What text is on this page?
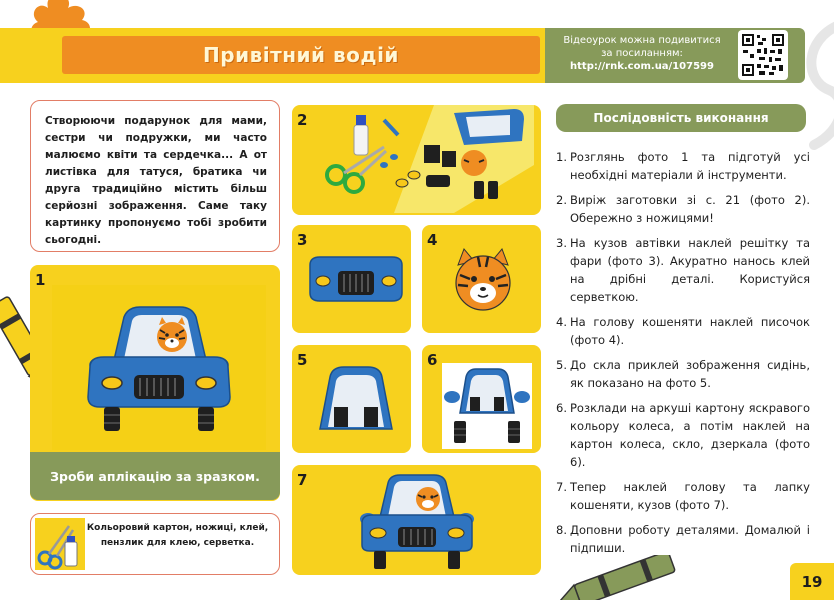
Привітний водій
Відеоурок можна подивитися
за посиланням:
http://rnk.com.ua/107599

Створюючи подарунок для мами, сестри чи подружки, ми часто малюємо квіти та сердечка... А от листівка для татуся, братика чи друга традиційно містить більш серйозні зображення. Саме таку картинку пропонуємо тобі зробити сьогодні.

1
Зроби аплікацію за зразком.
2
3	4
5	6
7
Кольоровий картон, ножиці, клей, пензлик для клею, серветка.
Послідовність виконання
1. Розглянь фото 1 та підготуй усі необхідні матеріали й інструменти.
2. Виріж заготовки зі с. 21 (фото 2). Обережно з ножицями!
3. На кузов автівки наклей решітку та фари (фото 3). Акуратно нанось клей на дрібні деталі. Користуйся серветкою.
4. На голову кошеняти наклей писочок (фото 4).
5. До скла приклей зображення сидінь, як показано на фото 5.
6. Розклади на аркуші картону яскравого кольору колеса, а потім наклей на картон колеса, скло, дзеркала (фото 6).
7. Тепер наклей голову та лапку кошеняти, кузов (фото 7).
8. Доповни роботу деталями. Домалюй і підпиши.
19
